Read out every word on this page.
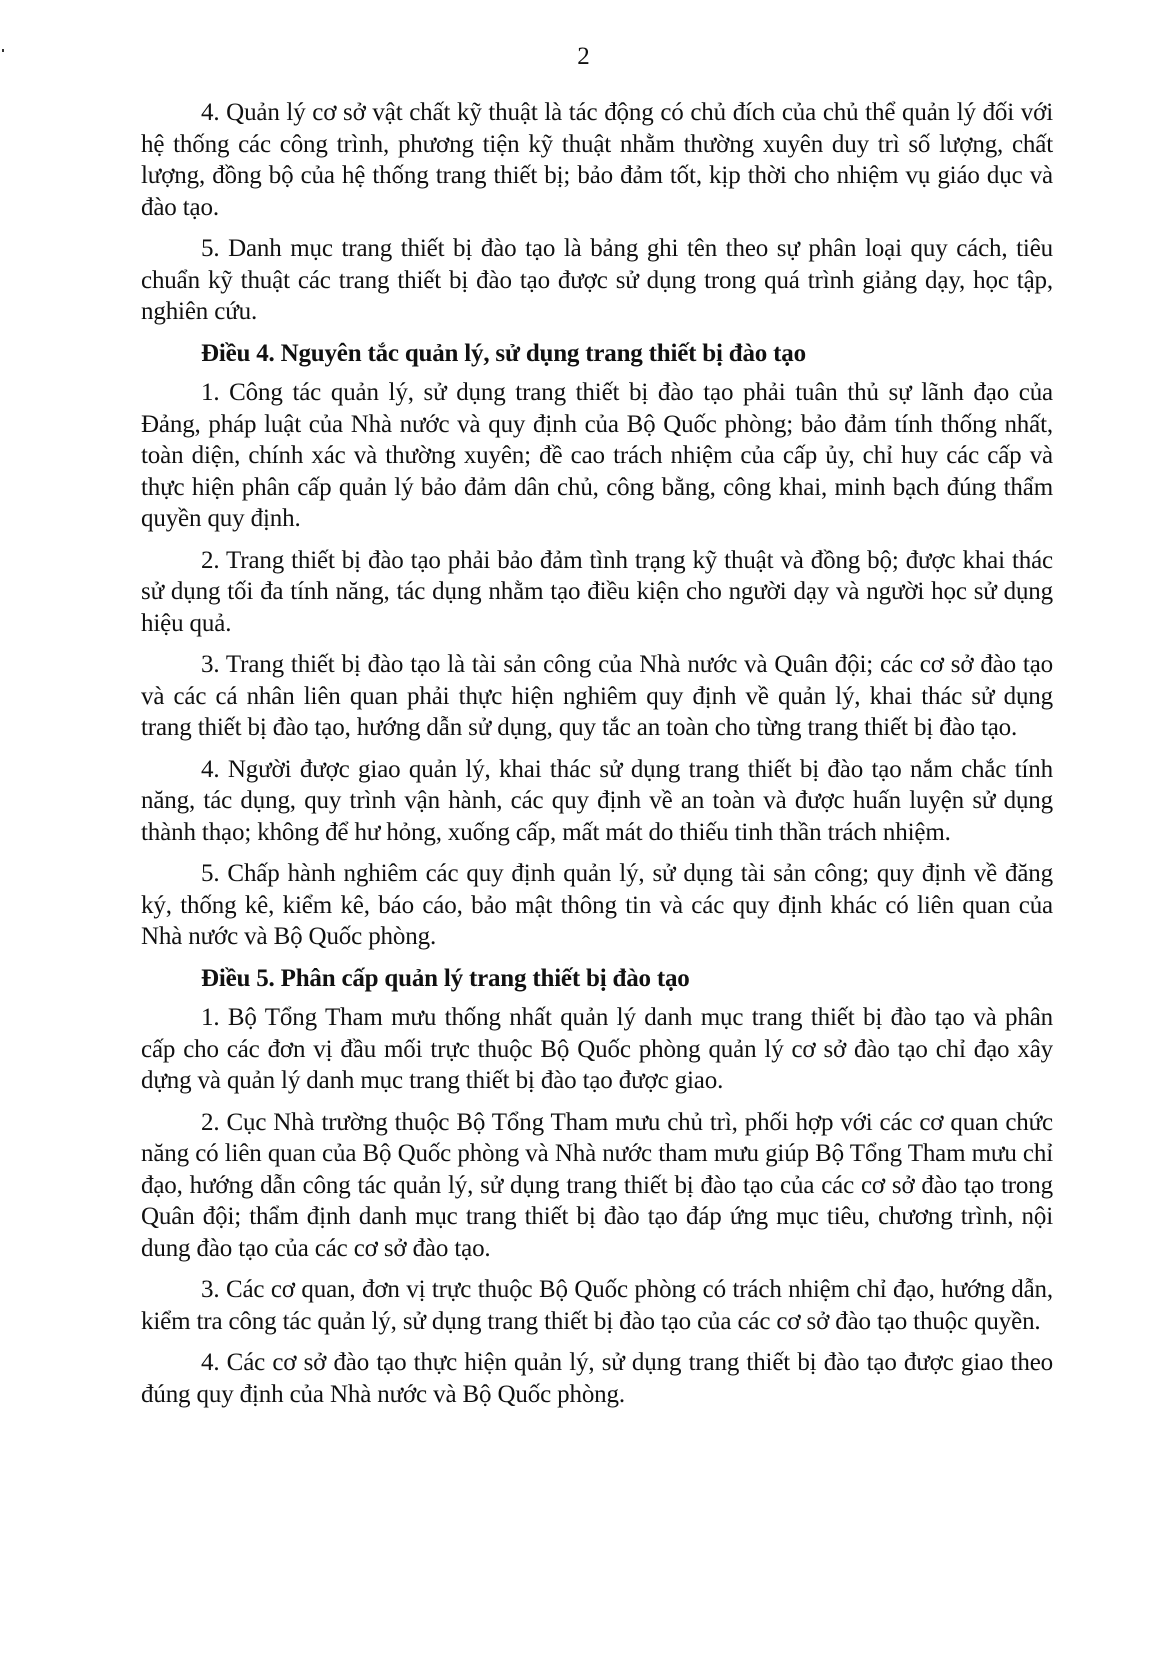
2

4. Quản lý cơ sở vật chất kỹ thuật là tác động có chủ đích của chủ thể quản lý đối với hệ thống các công trình, phương tiện kỹ thuật nhằm thường xuyên duy trì số lượng, chất lượng, đồng bộ của hệ thống trang thiết bị; bảo đảm tốt, kịp thời cho nhiệm vụ giáo dục và đào tạo.

5. Danh mục trang thiết bị đào tạo là bảng ghi tên theo sự phân loại quy cách, tiêu chuẩn kỹ thuật các trang thiết bị đào tạo được sử dụng trong quá trình giảng dạy, học tập, nghiên cứu.

Điều 4. Nguyên tắc quản lý, sử dụng trang thiết bị đào tạo

1. Công tác quản lý, sử dụng trang thiết bị đào tạo phải tuân thủ sự lãnh đạo của Đảng, pháp luật của Nhà nước và quy định của Bộ Quốc phòng; bảo đảm tính thống nhất, toàn diện, chính xác và thường xuyên; đề cao trách nhiệm của cấp ủy, chỉ huy các cấp và thực hiện phân cấp quản lý bảo đảm dân chủ, công bằng, công khai, minh bạch đúng thẩm quyền quy định.

2. Trang thiết bị đào tạo phải bảo đảm tình trạng kỹ thuật và đồng bộ; được khai thác sử dụng tối đa tính năng, tác dụng nhằm tạo điều kiện cho người dạy và người học sử dụng hiệu quả.

3. Trang thiết bị đào tạo là tài sản công của Nhà nước và Quân đội; các cơ sở đào tạo và các cá nhân liên quan phải thực hiện nghiêm quy định về quản lý, khai thác sử dụng trang thiết bị đào tạo, hướng dẫn sử dụng, quy tắc an toàn cho từng trang thiết bị đào tạo.

4. Người được giao quản lý, khai thác sử dụng trang thiết bị đào tạo nắm chắc tính năng, tác dụng, quy trình vận hành, các quy định về an toàn và được huấn luyện sử dụng thành thạo; không để hư hỏng, xuống cấp, mất mát do thiếu tinh thần trách nhiệm.

5. Chấp hành nghiêm các quy định quản lý, sử dụng tài sản công; quy định về đăng ký, thống kê, kiểm kê, báo cáo, bảo mật thông tin và các quy định khác có liên quan của Nhà nước và Bộ Quốc phòng.

Điều 5. Phân cấp quản lý trang thiết bị đào tạo

1. Bộ Tổng Tham mưu thống nhất quản lý danh mục trang thiết bị đào tạo và phân cấp cho các đơn vị đầu mối trực thuộc Bộ Quốc phòng quản lý cơ sở đào tạo chỉ đạo xây dựng và quản lý danh mục trang thiết bị đào tạo được giao.

2. Cục Nhà trường thuộc Bộ Tổng Tham mưu chủ trì, phối hợp với các cơ quan chức năng có liên quan của Bộ Quốc phòng và Nhà nước tham mưu giúp Bộ Tổng Tham mưu chỉ đạo, hướng dẫn công tác quản lý, sử dụng trang thiết bị đào tạo của các cơ sở đào tạo trong Quân đội; thẩm định danh mục trang thiết bị đào tạo đáp ứng mục tiêu, chương trình, nội dung đào tạo của các cơ sở đào tạo.

3. Các cơ quan, đơn vị trực thuộc Bộ Quốc phòng có trách nhiệm chỉ đạo, hướng dẫn, kiểm tra công tác quản lý, sử dụng trang thiết bị đào tạo của các cơ sở đào tạo thuộc quyền.

4. Các cơ sở đào tạo thực hiện quản lý, sử dụng trang thiết bị đào tạo được giao theo đúng quy định của Nhà nước và Bộ Quốc phòng.
